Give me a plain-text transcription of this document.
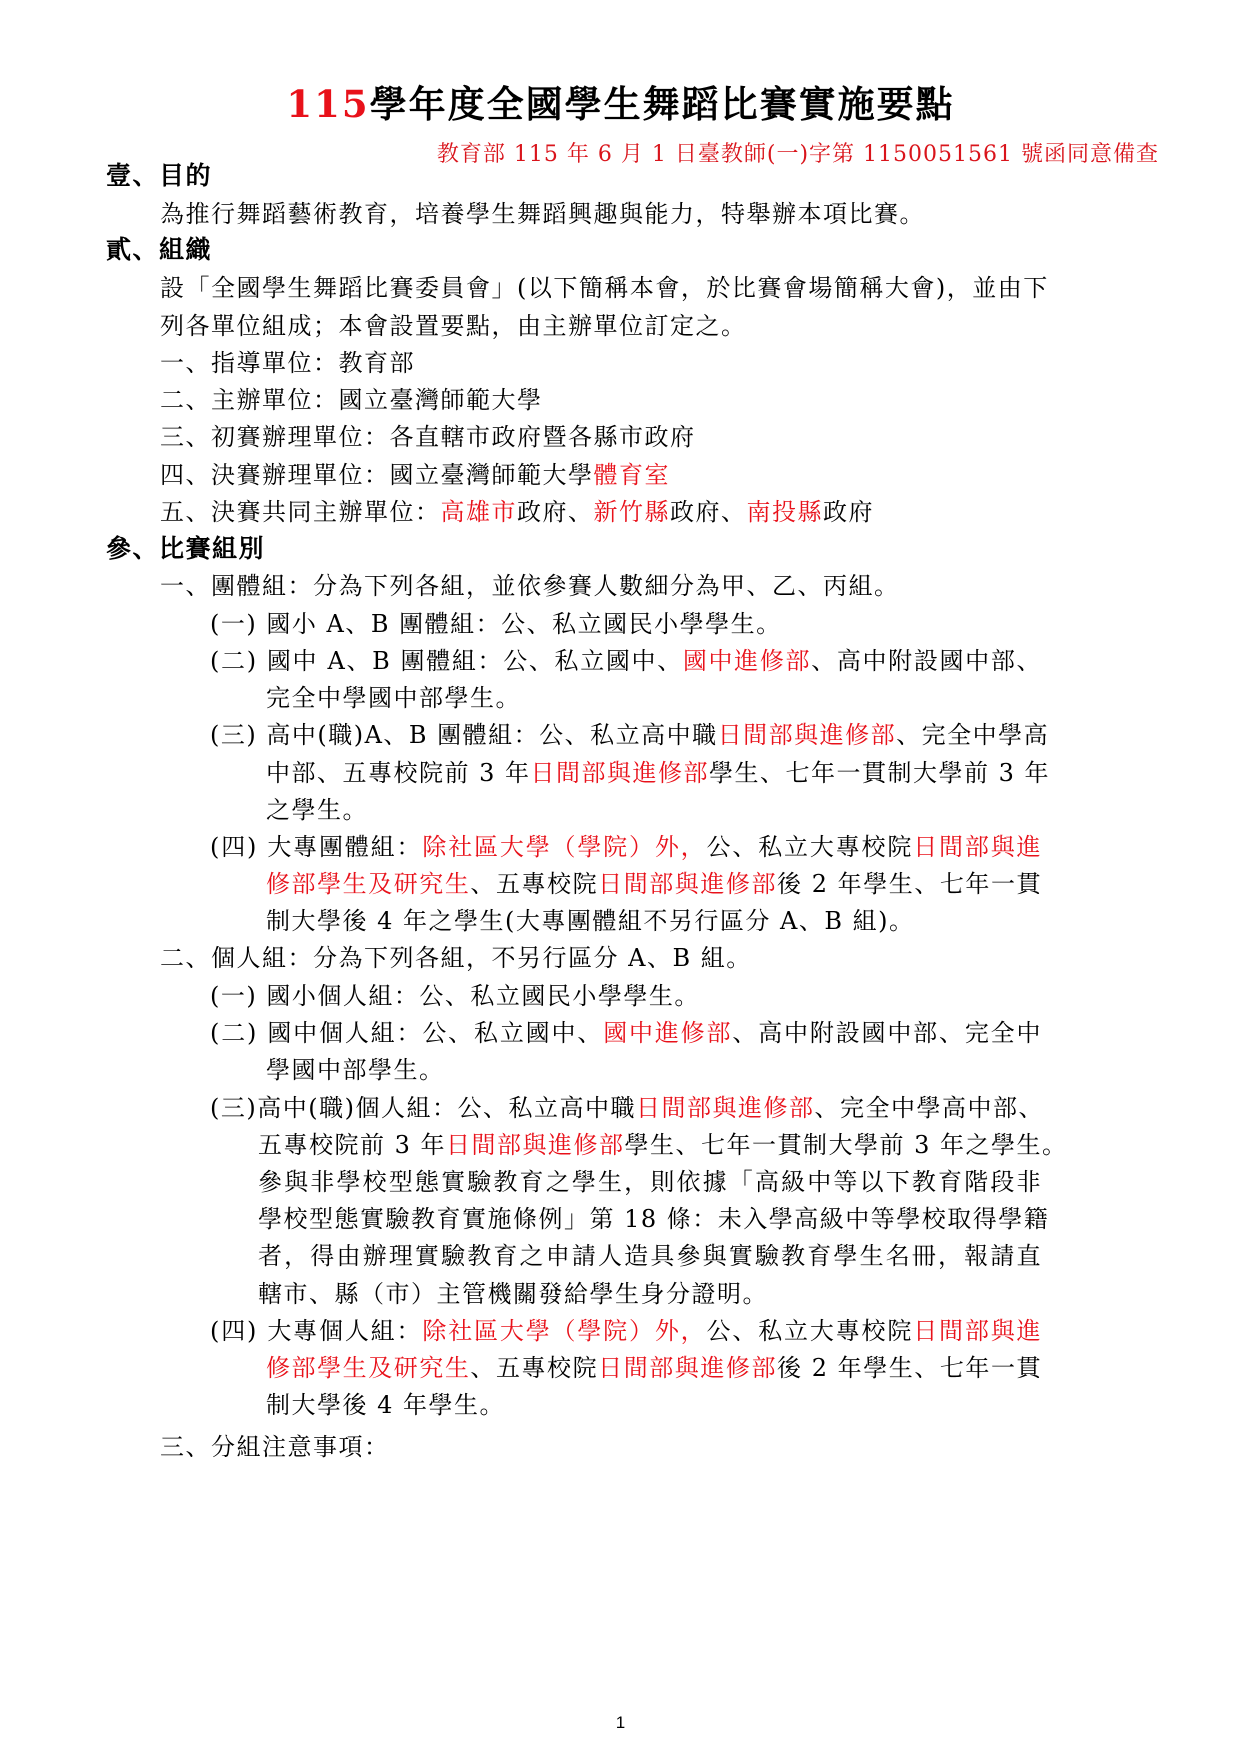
115學年度全國學生舞蹈比賽實施要點
教育部 115 年 6 月 1 日臺教師(一)字第 1150051561 號函同意備查
壹、目的
為推行舞蹈藝術教育，培養學生舞蹈興趣與能力，特舉辦本項比賽。
貳、組織
設「全國學生舞蹈比賽委員會」(以下簡稱本會，於比賽會場簡稱大會)，並由下
列各單位組成；本會設置要點，由主辦單位訂定之。
一、指導單位：教育部
二、主辦單位：國立臺灣師範大學
三、初賽辦理單位：各直轄市政府暨各縣市政府
四、決賽辦理單位：國立臺灣師範大學體育室
五、決賽共同主辦單位：高雄市政府、新竹縣政府、南投縣政府
參、比賽組別
一、團體組：分為下列各組，並依參賽人數細分為甲、乙、丙組。
(一) 國小 A、B 團體組：公、私立國民小學學生。
(二) 國中 A、B 團體組：公、私立國中、國中進修部、高中附設國中部、
完全中學國中部學生。
(三) 高中(職)A、B 團體組：公、私立高中職日間部與進修部、完全中學高
中部、五專校院前 3 年日間部與進修部學生、七年一貫制大學前 3 年
之學生。
(四) 大專團體組：除社區大學（學院）外，公、私立大專校院日間部與進
修部學生及研究生、五專校院日間部與進修部後 2 年學生、七年一貫
制大學後 4 年之學生(大專團體組不另行區分 A、B 組)。
二、個人組：分為下列各組，不另行區分 A、B 組。
(一) 國小個人組：公、私立國民小學學生。
(二) 國中個人組：公、私立國中、國中進修部、高中附設國中部、完全中
學國中部學生。
(三)高中(職)個人組：公、私立高中職日間部與進修部、完全中學高中部、
五專校院前 3 年日間部與進修部學生、七年一貫制大學前 3 年之學生。
參與非學校型態實驗教育之學生，則依據「高級中等以下教育階段非
學校型態實驗教育實施條例」第 18 條：未入學高級中等學校取得學籍
者，得由辦理實驗教育之申請人造具參與實驗教育學生名冊，報請直
轄市、縣（市）主管機關發給學生身分證明。
(四) 大專個人組：除社區大學（學院）外，公、私立大專校院日間部與進
修部學生及研究生、五專校院日間部與進修部後 2 年學生、七年一貫
制大學後 4 年學生。
三、分組注意事項：
1
